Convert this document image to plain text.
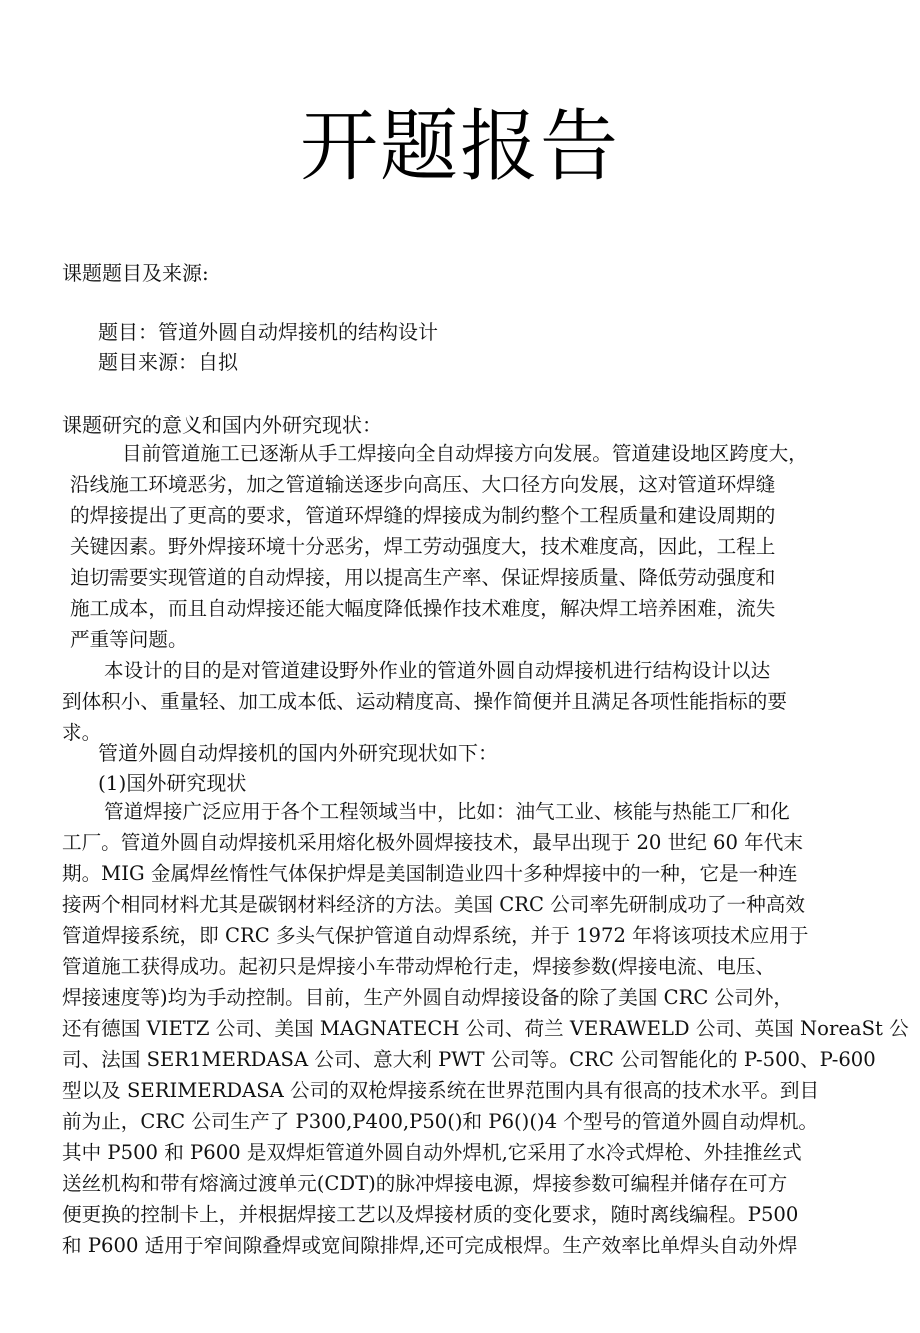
开题报告
课题题目及来源:
题目：管道外圆自动焊接机的结构设计
题目来源：自拟
课题研究的意义和国内外研究现状：
目前管道施工已逐渐从手工焊接向全自动焊接方向发展。管道建设地区跨度大，
沿线施工环境恶劣，加之管道输送逐步向高压、大口径方向发展，这对管道环焊缝
的焊接提出了更高的要求，管道环焊缝的焊接成为制约整个工程质量和建设周期的
关键因素。野外焊接环境十分恶劣，焊工劳动强度大，技术难度高，因此，工程上
迫切需要实现管道的自动焊接，用以提高生产率、保证焊接质量、降低劳动强度和
施工成本，而且自动焊接还能大幅度降低操作技术难度，解决焊工培养困难，流失
严重等问题。
本设计的目的是对管道建设野外作业的管道外圆自动焊接机进行结构设计以达
到体积小、重量轻、加工成本低、运动精度高、操作简便并且满足各项性能指标的要
求。
管道外圆自动焊接机的国内外研究现状如下：
(1)国外研究现状
管道焊接广泛应用于各个工程领域当中，比如：油气工业、核能与热能工厂和化
工厂。管道外圆自动焊接机采用熔化极外圆焊接技术，最早出现于 20 世纪 60 年代末
期。MIG 金属焊丝惰性气体保护焊是美国制造业四十多种焊接中的一种，它是一种连
接两个相同材料尤其是碳钢材料经济的方法。美国 CRC 公司率先研制成功了一种高效
管道焊接系统，即 CRC 多头气保护管道自动焊系统，并于 1972 年将该项技术应用于
管道施工获得成功。起初只是焊接小车带动焊枪行走，焊接参数(焊接电流、电压、
焊接速度等)均为手动控制。目前，生产外圆自动焊接设备的除了美国 CRC 公司外，
还有德国 VIETZ 公司、美国 MAGNATECH 公司、荷兰 VERAWELD 公司、英国 NoreaSt 公
司、法国 SER1MERDASA 公司、意大利 PWT 公司等。CRC 公司智能化的 P-500、P-600
型以及 SERIMERDASA 公司的双枪焊接系统在世界范围内具有很高的技术水平。到目
前为止，CRC 公司生产了 P300,P400,P50()和 P6()()4 个型号的管道外圆自动焊机。
其中 P500 和 P600 是双焊炬管道外圆自动外焊机,它采用了水冷式焊枪、外挂推丝式
送丝机构和带有熔滴过渡单元(CDT)的脉冲焊接电源，焊接参数可编程并储存在可方
便更换的控制卡上，并根据焊接工艺以及焊接材质的变化要求，随时离线编程。P500
和 P600 适用于窄间隙叠焊或宽间隙排焊,还可完成根焊。生产效率比单焊头自动外焊
